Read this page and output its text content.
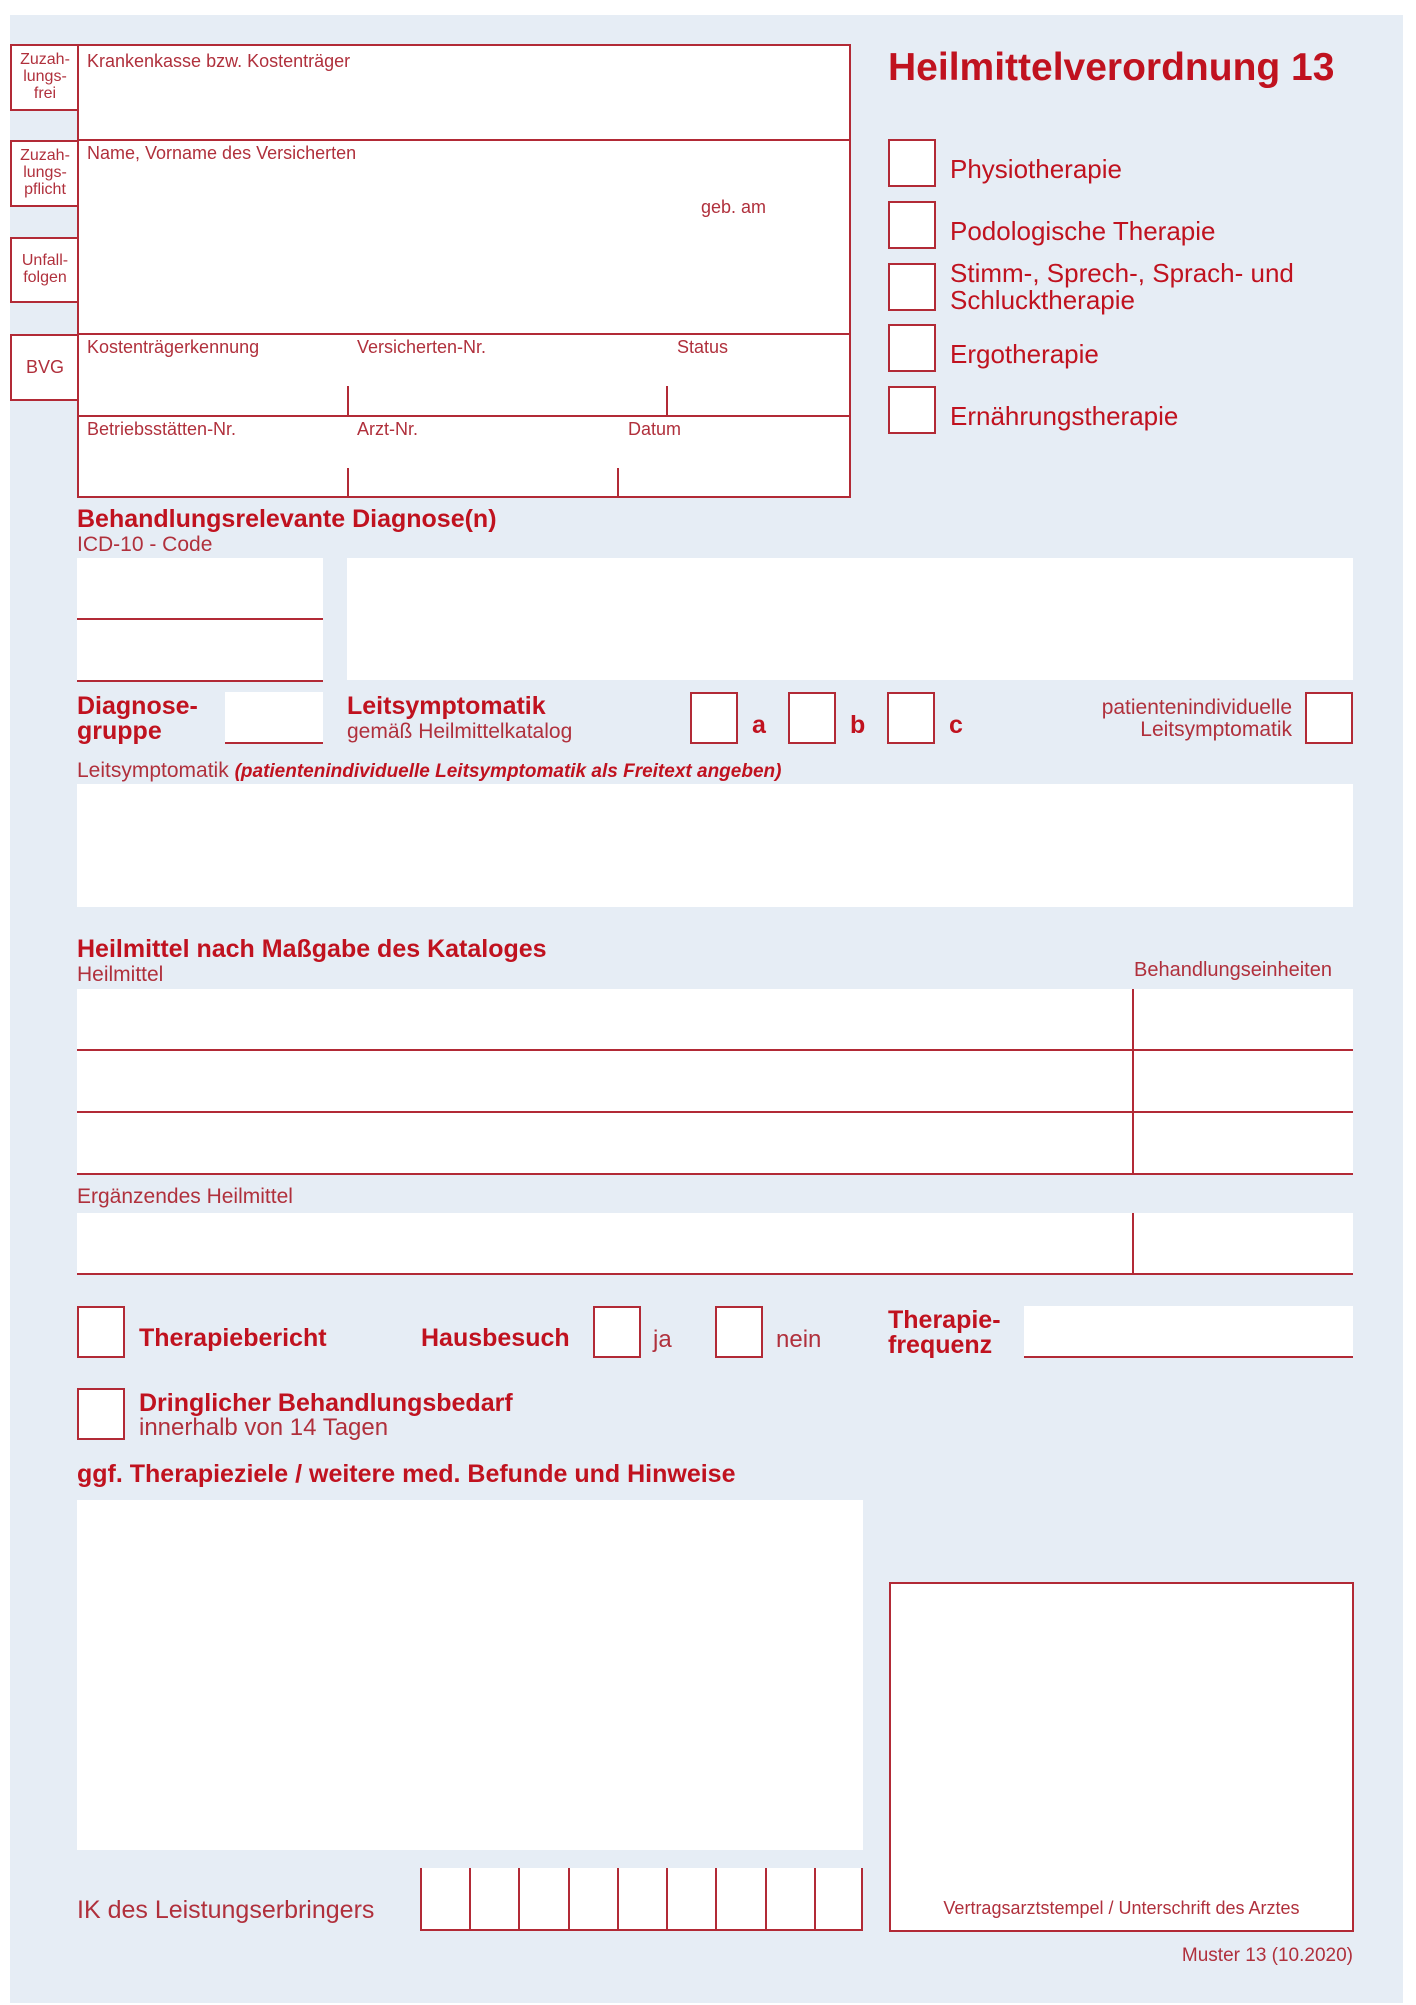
Zuzah-
lungs-
frei
Zuzah-
lungs-
pflicht
Unfall-
folgen
BVG
Krankenkasse bzw. Kostenträger
Name, Vorname des Versicherten
geb. am
Kostenträgerkennung	Versicherten-Nr.	Status
Betriebsstätten-Nr.	Arzt-Nr.	Datum
Heilmittelverordnung 13
Physiotherapie
Podologische Therapie
Stimm-, Sprech-, Sprach- und
Schlucktherapie
Ergotherapie
Ernährungstherapie
Behandlungsrelevante Diagnose(n)
ICD-10 - Code
Diagnose-
gruppe
Leitsymptomatik
gemäß Heilmittelkatalog	a	b	c
patientenindividuelle
Leitsymptomatik
Leitsymptomatik (patientenindividuelle Leitsymptomatik als Freitext angeben)
Heilmittel nach Maßgabe des Kataloges
Heilmittel	Behandlungseinheiten
Ergänzendes Heilmittel
Therapiebericht	Hausbesuch	ja	nein
Therapie-
frequenz
Dringlicher Behandlungsbedarf
innerhalb von 14 Tagen
ggf. Therapieziele / weitere med. Befunde und Hinweise
Vertragsarztstempel / Unterschrift des Arztes
IK des Leistungserbringers
Muster 13 (10.2020)
